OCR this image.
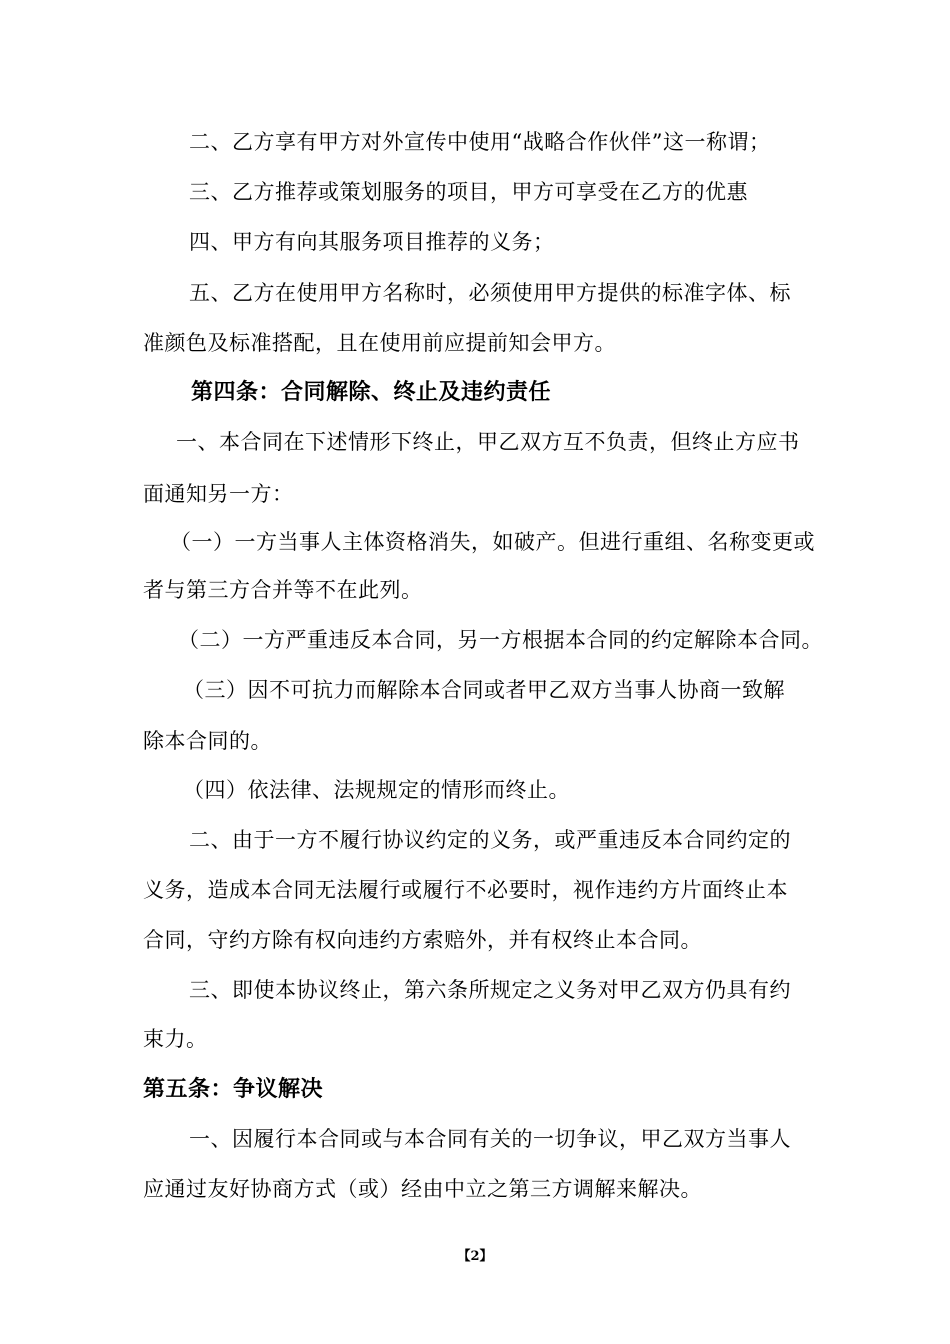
二、乙方享有甲方对外宣传中使用“战略合作伙伴”这一称谓；
三、乙方推荐或策划服务的项目，甲方可享受在乙方的优惠
四、甲方有向其服务项目推荐的义务；
五、乙方在使用甲方名称时，必须使用甲方提供的标准字体、标
准颜色及标准搭配，且在使用前应提前知会甲方。
第四条：合同解除、终止及违约责任
一、本合同在下述情形下终止，甲乙双方互不负责，但终止方应书
面通知另一方：
（一）一方当事人主体资格消失，如破产。但进行重组、名称变更或
者与第三方合并等不在此列。
（二）一方严重违反本合同，另一方根据本合同的约定解除本合同。
（三）因不可抗力而解除本合同或者甲乙双方当事人协商一致解
除本合同的。
（四）依法律、法规规定的情形而终止。
二、由于一方不履行协议约定的义务，或严重违反本合同约定的
义务，造成本合同无法履行或履行不必要时，视作违约方片面终止本
合同，守约方除有权向违约方索赔外，并有权终止本合同。
三、即使本协议终止，第六条所规定之义务对甲乙双方仍具有约
束力。
第五条：争议解决
一、因履行本合同或与本合同有关的一切争议，甲乙双方当事人
应通过友好协商方式（或）经由中立之第三方调解来解决。
【2】
